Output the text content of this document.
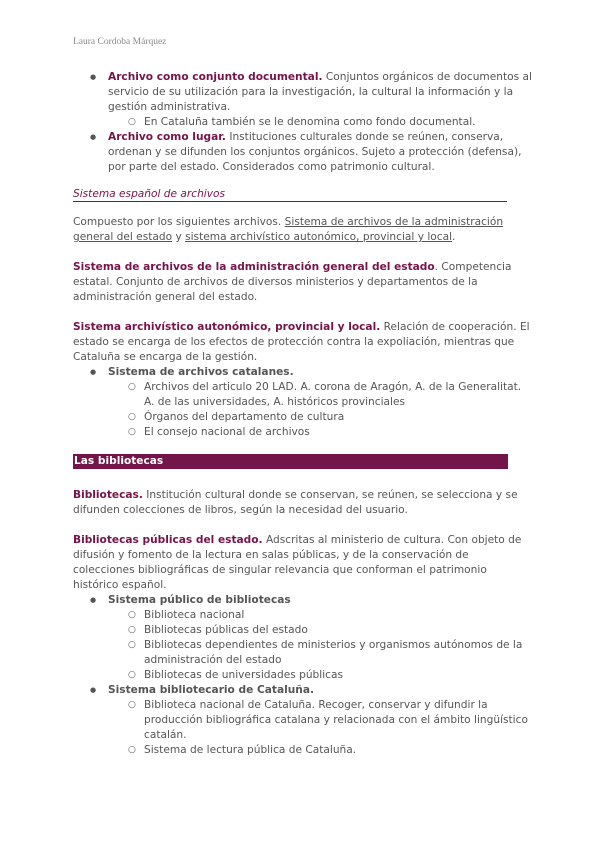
Laura Cordoba Márquez
● Archivo como conjunto documental. Conjuntos orgánicos de documentos al servicio de su utilización para la investigación, la cultural la información y la gestión administrativa.
○ En Cataluña también se le denomina como fondo documental.
● Archivo como lugar. Instituciones culturales donde se reúnen, conserva, ordenan y se difunden los conjuntos orgánicos. Sujeto a protección (defensa), por parte del estado. Considerados como patrimonio cultural.
Sistema español de archivos

Compuesto por los siguientes archivos. Sistema de archivos de la administración general del estado y sistema archivístico autonómico, provincial y local.

Sistema de archivos de la administración general del estado. Competencia estatal. Conjunto de archivos de diversos ministerios y departamentos de la administración general del estado.

Sistema archivístico autonómico, provincial y local. Relación de cooperación. El estado se encarga de los efectos de protección contra la expoliación, mientras que Cataluña se encarga de la gestión.

● Sistema de archivos catalanes.
○ Archivos del articulo 20 LAD. A. corona de Aragón, A. de la Generalitat. A. de las universidades, A. históricos provinciales
○ Órganos del departamento de cultura
○ El consejo nacional de archivos
Las bibliotecas

Bibliotecas. Institución cultural donde se conservan, se reúnen, se selecciona y se difunden colecciones de libros, según la necesidad del usuario.

Bibliotecas públicas del estado. Adscritas al ministerio de cultura. Con objeto de difusión y fomento de la lectura en salas públicas, y de la conservación de colecciones bibliográficas de singular relevancia que conforman el patrimonio histórico español.

● Sistema público de bibliotecas
○ Biblioteca nacional
○ Bibliotecas públicas del estado
○ Bibliotecas dependientes de ministerios y organismos autónomos de la administración del estado
○ Bibliotecas de universidades públicas
● Sistema bibliotecario de Cataluña.
○ Biblioteca nacional de Cataluña. Recoger, conservar y difundir la producción bibliográfica catalana y relacionada con el ámbito lingüístico catalán.
○ Sistema de lectura pública de Cataluña.
